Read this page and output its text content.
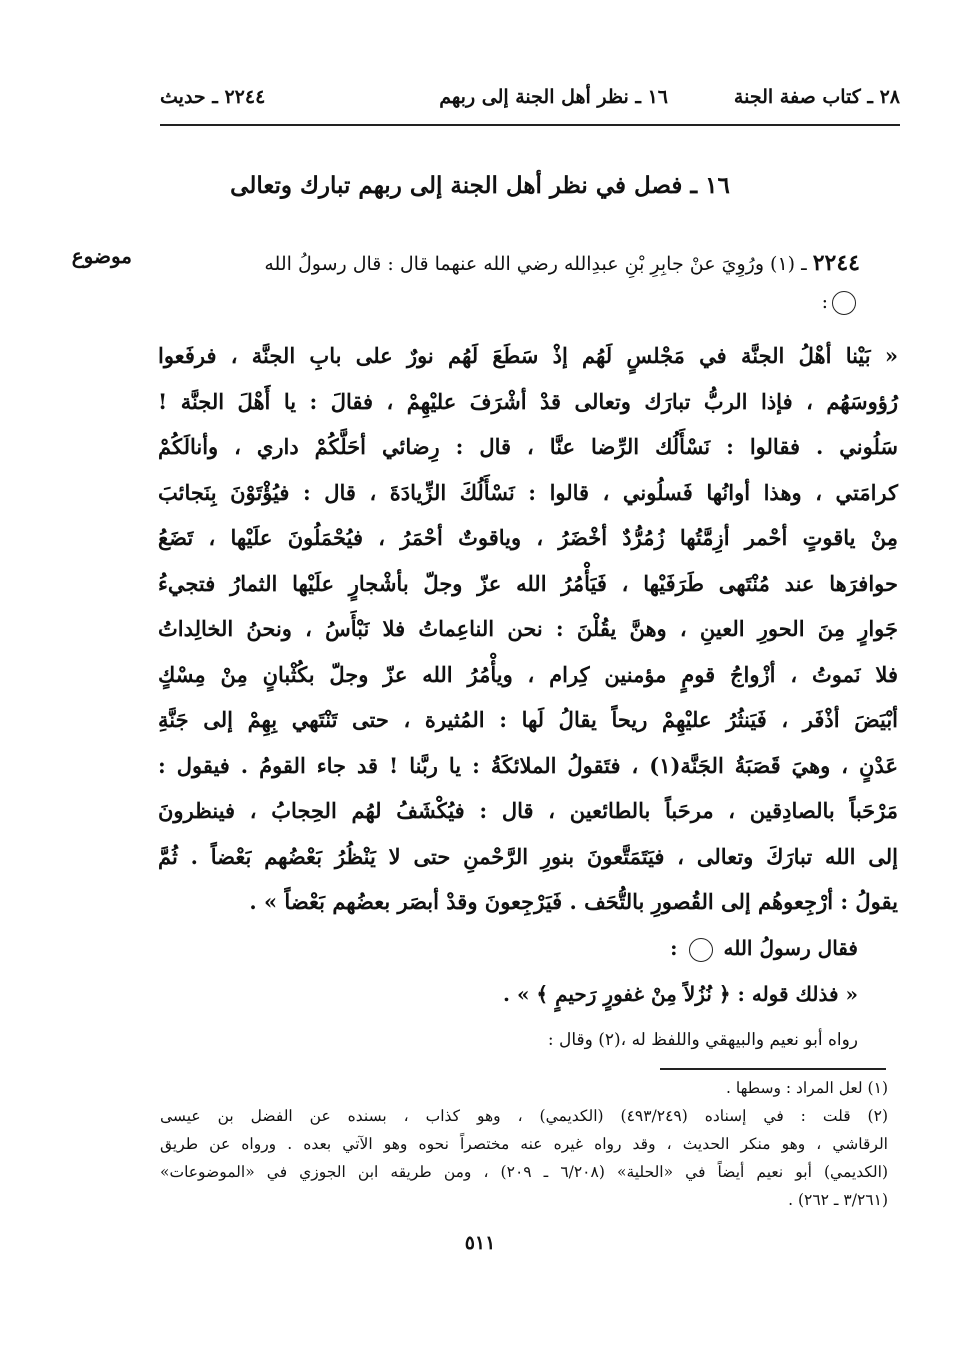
٢٨ ـ كتاب صفة الجنة
١٦ ـ نظر أهل الجنة إلى ربهم
٢٢٤٤ ـ حديث
١٦ ـ فصل في نظر أهل الجنة إلى ربهم تبارك وتعالى
موضوع	٢٢٤٤ ـ (١) ورُوِيَ عنْ جابِرِ بْنِ عبدِالله رضي الله عنهما قال : قال رسولُ الله
:
« بَيْنا أهْلُ الجنَّة في مَجْلسٍ لَهُم إذْ سَطَعَ لَهُم نورٌ على بابِ الجنَّة ، فرفَعوا
رُؤوسَهُم ، فإذا الربُّ تبارَك وتعالى قدْ أشْرَفَ عليْهِمْ ، فقالَ : يا أَهْلَ الجنَّة !
سَلُوني . فقالوا : نَسْأَلُك الرِّضا عنَّا ، قال : رِضائي أحَلَّكُمْ داري ، وأنالَكُمْ
كرامَتي ، وهذا أوانُها فَسلُوني ، قالوا : نَسْأَلُكَ الزِّيادَةَ ، قال : فيُؤْتَوْنَ بِنَجائبَ
مِنْ ياقوتٍ أحْمر أزِمَّتُها زُمُرُّدٌ أخْضَرُ ، وياقوتٌ أحْمَرُ ، فيُحْمَلُونَ علَيْها ، تَضَعُ
حوافرَها عند مُنْتَهى طَرَفَيْها ، فَيَأْمُرُ الله عزّ وجلّ بأشْجارٍ علَيْها الثمارُ فتجيءُ
جَوارٍ مِنَ الحورِ العينِ ، وهنَّ يقُلْنَ : نحن الناعِماتُ فلا نَبْأَسُ ، ونحنُ الخالِداتُ
فلا نَموتُ ، أزْواجُ قومٍ مؤمنين كِرام ، ويأْمُرُ الله عزّ وجلّ بكُثْبانٍ مِنْ مِسْكٍ
أبْيَضَ أذْفَر ، فَيَنثُرُ عليْهِمْ ريحاً يقالُ لَها : المُثيرة ، حتى تَنْتَهي بِهِمْ إلى جَنَّةِ
عَدْنٍ ، وهيَ قَصَبَةُ الجَنَّة(١) ، فتَقولُ الملائكَةُ : يا ربَّنا ! قد جاء القومُ . فيقول :
مَرْحَباً بالصادِقين ، مرحَباً بالطائعين ، قال : فيُكْشَفُ لهُم الحِجابُ ، فينظرونَ
إلى الله تبارَكَ وتعالى ، فيَتَمَتَّعونَ بنورِ الرَّحْمنِ حتى لا يَنْظُرُ بَعْضُهم بَعْضاً . ثُمَّ
يقولُ : أرْجِعوهُم إلى القُصورِ بالتُّحَف . فَيَرْجِعونَ وقدْ أبصَر بعضُهم بَعْضاً » .
فقال رسولُ الله  :
« فذلك قوله : ﴿ نُزُلاً مِنْ غفورٍ رَحيمٍ ﴾ » .
رواه أبو نعيم والبيهقي واللفظ له ،(٢) وقال :
(١) لعل المراد : وسطها .
(٢) قلت : في إسناده (٤٩٣/٢٤٩) (الكديمي) ، وهو كذاب ، بسنده عن الفضل بن عيسى
الرقاشي ، وهو منكر الحديث ، وقد رواه غيره عنه مختصراً نحوه وهو الآتي بعده . ورواه عن طريق
(الكديمي) أبو نعيم أيضاً في «الحلية» (٦/٢٠٨ ـ ٢٠٩) ، ومن طريقه ابن الجوزي في «الموضوعات»
(٣/٢٦١ ـ ٢٦٢) .
٥١١
